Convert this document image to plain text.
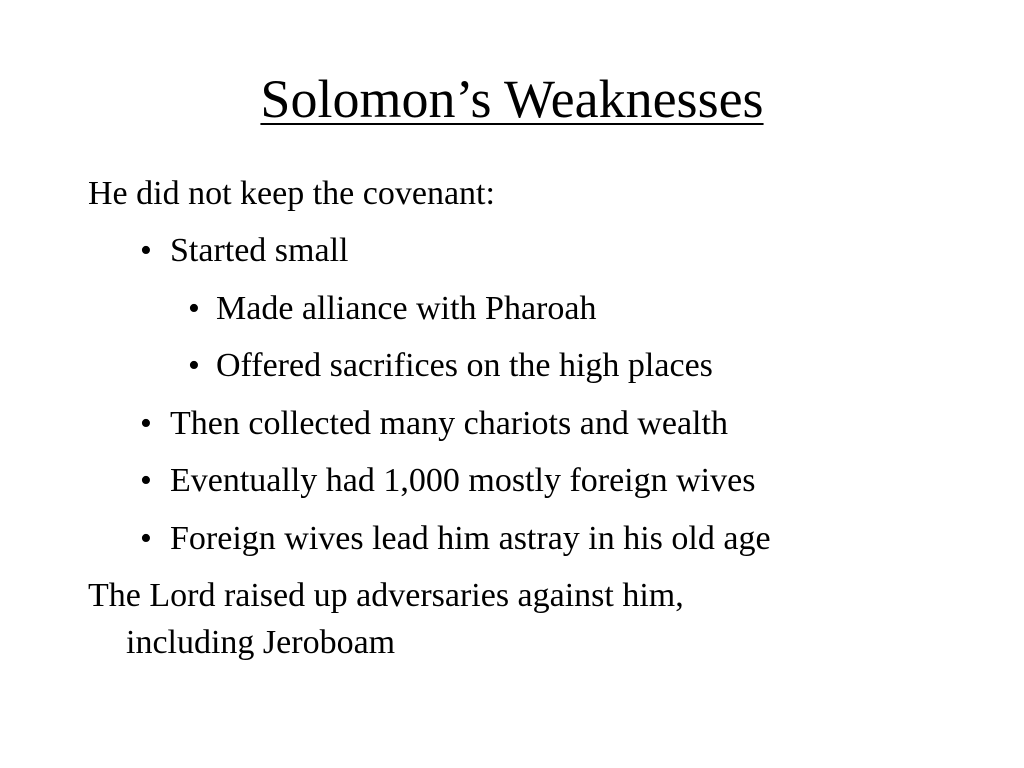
Solomon’s Weaknesses
He did not keep the covenant:
• Started small
• Made alliance with Pharoah
• Offered sacrifices on the high places
• Then collected many chariots and wealth
• Eventually had 1,000 mostly foreign wives
• Foreign wives lead him astray in his old age
The Lord raised up adversaries against him,
including Jeroboam
